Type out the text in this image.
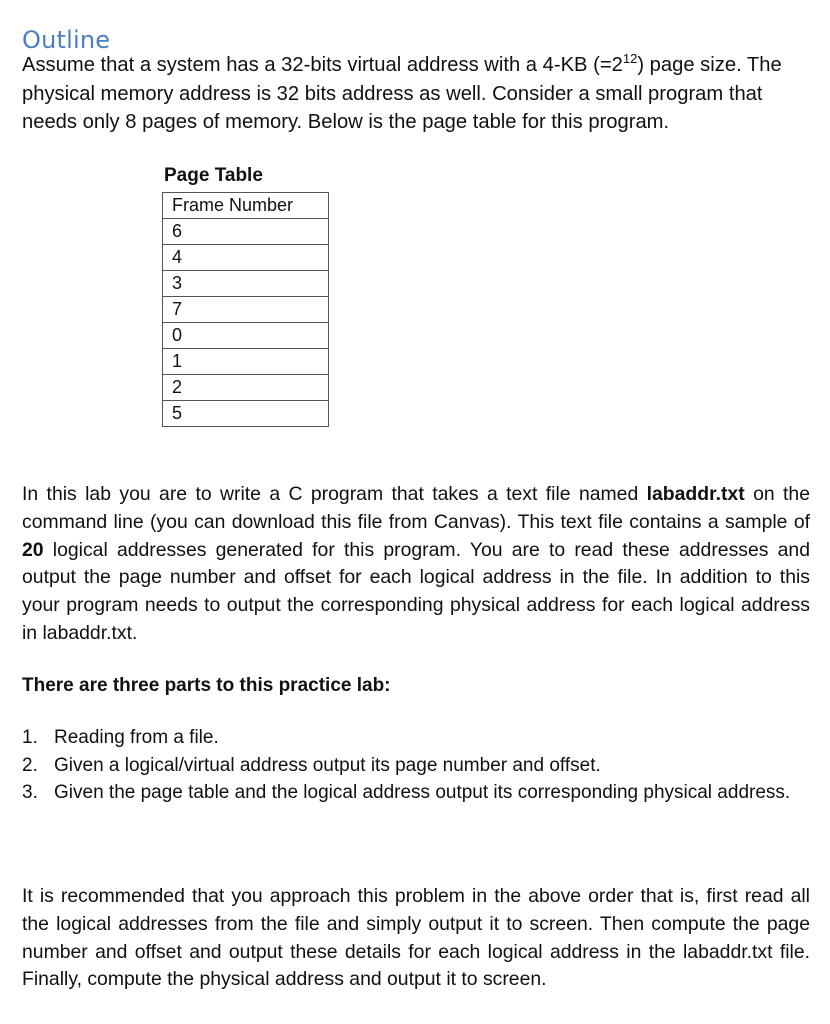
Outline

Assume that a system has a 32-bits virtual address with a 4-KB $(=2^{12})$ page size. The physical memory address is 32 bits address as well. Consider a small program that needs only 8 pages of memory. Below is the page table for this program.

Page Table
Frame Number
6
4
3
7
0
1
2
5

In this lab you are to write a C program that takes a text file named labaddr.txt on the command line (you can download this file from Canvas). This text file contains a sample of 20 logical addresses generated for this program. You are to read these addresses and output the page number and offset for each logical address in the file. In addition to this your program needs to output the corresponding physical address for each logical address in labaddr.txt.

There are three parts to this practice lab:
1. Reading from a file.
2. Given a logical/virtual address output its page number and offset.
3. Given the page table and the logical address output its corresponding physical address.

It is recommended that you approach this problem in the above order that is, first read all the logical addresses from the file and simply output it to screen. Then compute the page number and offset and output these details for each logical address in the labaddr.txt file. Finally, compute the physical address and output it to screen.
